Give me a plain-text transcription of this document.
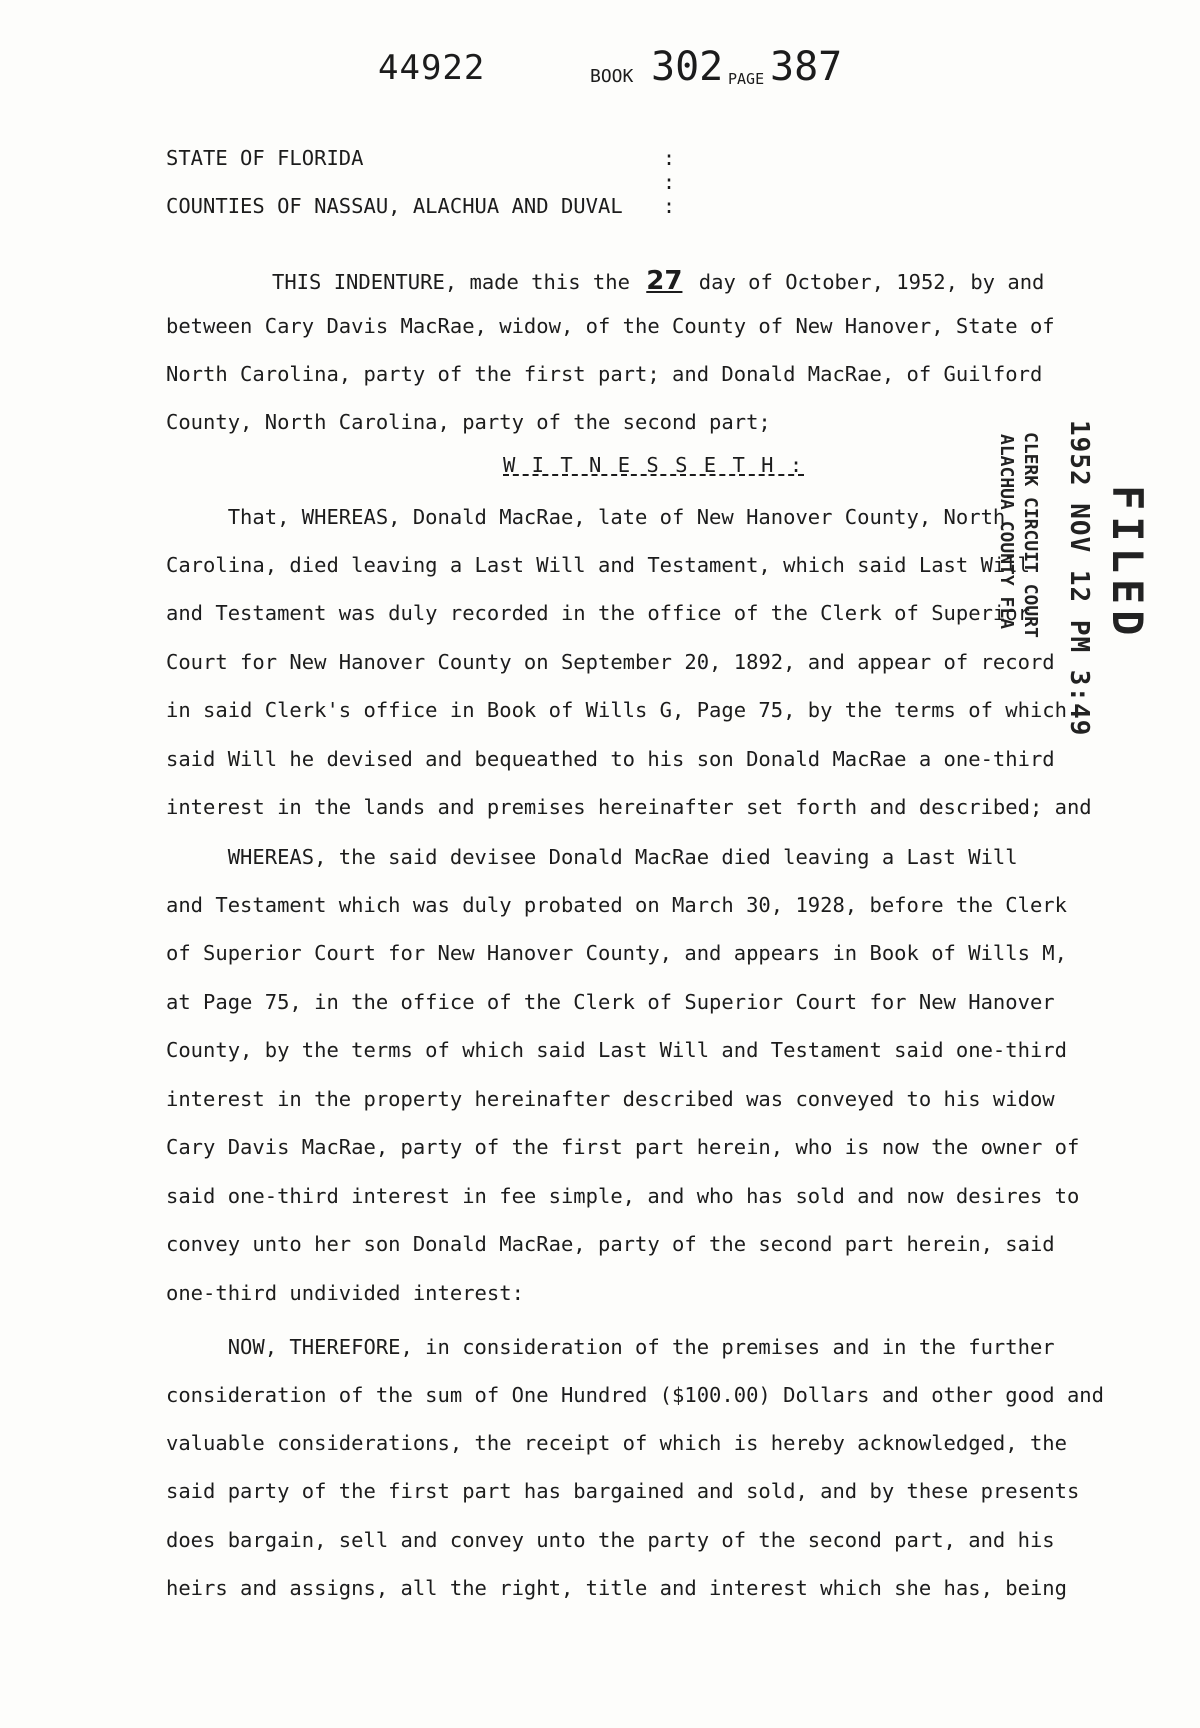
44922	BOOK 302 PAGE 387
STATE OF FLORIDA
COUNTIES OF NASSAU, ALACHUA AND DUVAL
:
:
:
THIS INDENTURE, made this the 27 day of October, 1952, by and
between Cary Davis MacRae, widow, of the County of New Hanover, State of
North Carolina, party of the first part; and Donald MacRae, of Guilford
County, North Carolina, party of the second part;
W I T N E S S E T H :
That, WHEREAS, Donald MacRae, late of New Hanover County, North
Carolina, died leaving a Last Will and Testament, which said Last Will
and Testament was duly recorded in the office of the Clerk of Superior
Court for New Hanover County on September 20, 1892, and appear of record
in said Clerk's office in Book of Wills G, Page 75, by the terms of which
said Will he devised and bequeathed to his son Donald MacRae a one-third
interest in the lands and premises hereinafter set forth and described; and
WHEREAS, the said devisee Donald MacRae died leaving a Last Will
and Testament which was duly probated on March 30, 1928, before the Clerk
of Superior Court for New Hanover County, and appears in Book of Wills M,
at Page 75, in the office of the Clerk of Superior Court for New Hanover
County, by the terms of which said Last Will and Testament said one-third
interest in the property hereinafter described was conveyed to his widow
Cary Davis MacRae, party of the first part herein, who is now the owner of
said one-third interest in fee simple, and who has sold and now desires to
convey unto her son Donald MacRae, party of the second part herein, said
one-third undivided interest:
NOW, THEREFORE, in consideration of the premises and in the further
consideration of the sum of One Hundred ($100.00) Dollars and other good and
valuable considerations, the receipt of which is hereby acknowledged, the
said party of the first part has bargained and sold, and by these presents
does bargain, sell and convey unto the party of the second part, and his
heirs and assigns, all the right, title and interest which she has, being
1952 NOV 12 PM 3:49
CLERK CIRCUIT COURT
ALACHUA COUNTY FLA FILED
